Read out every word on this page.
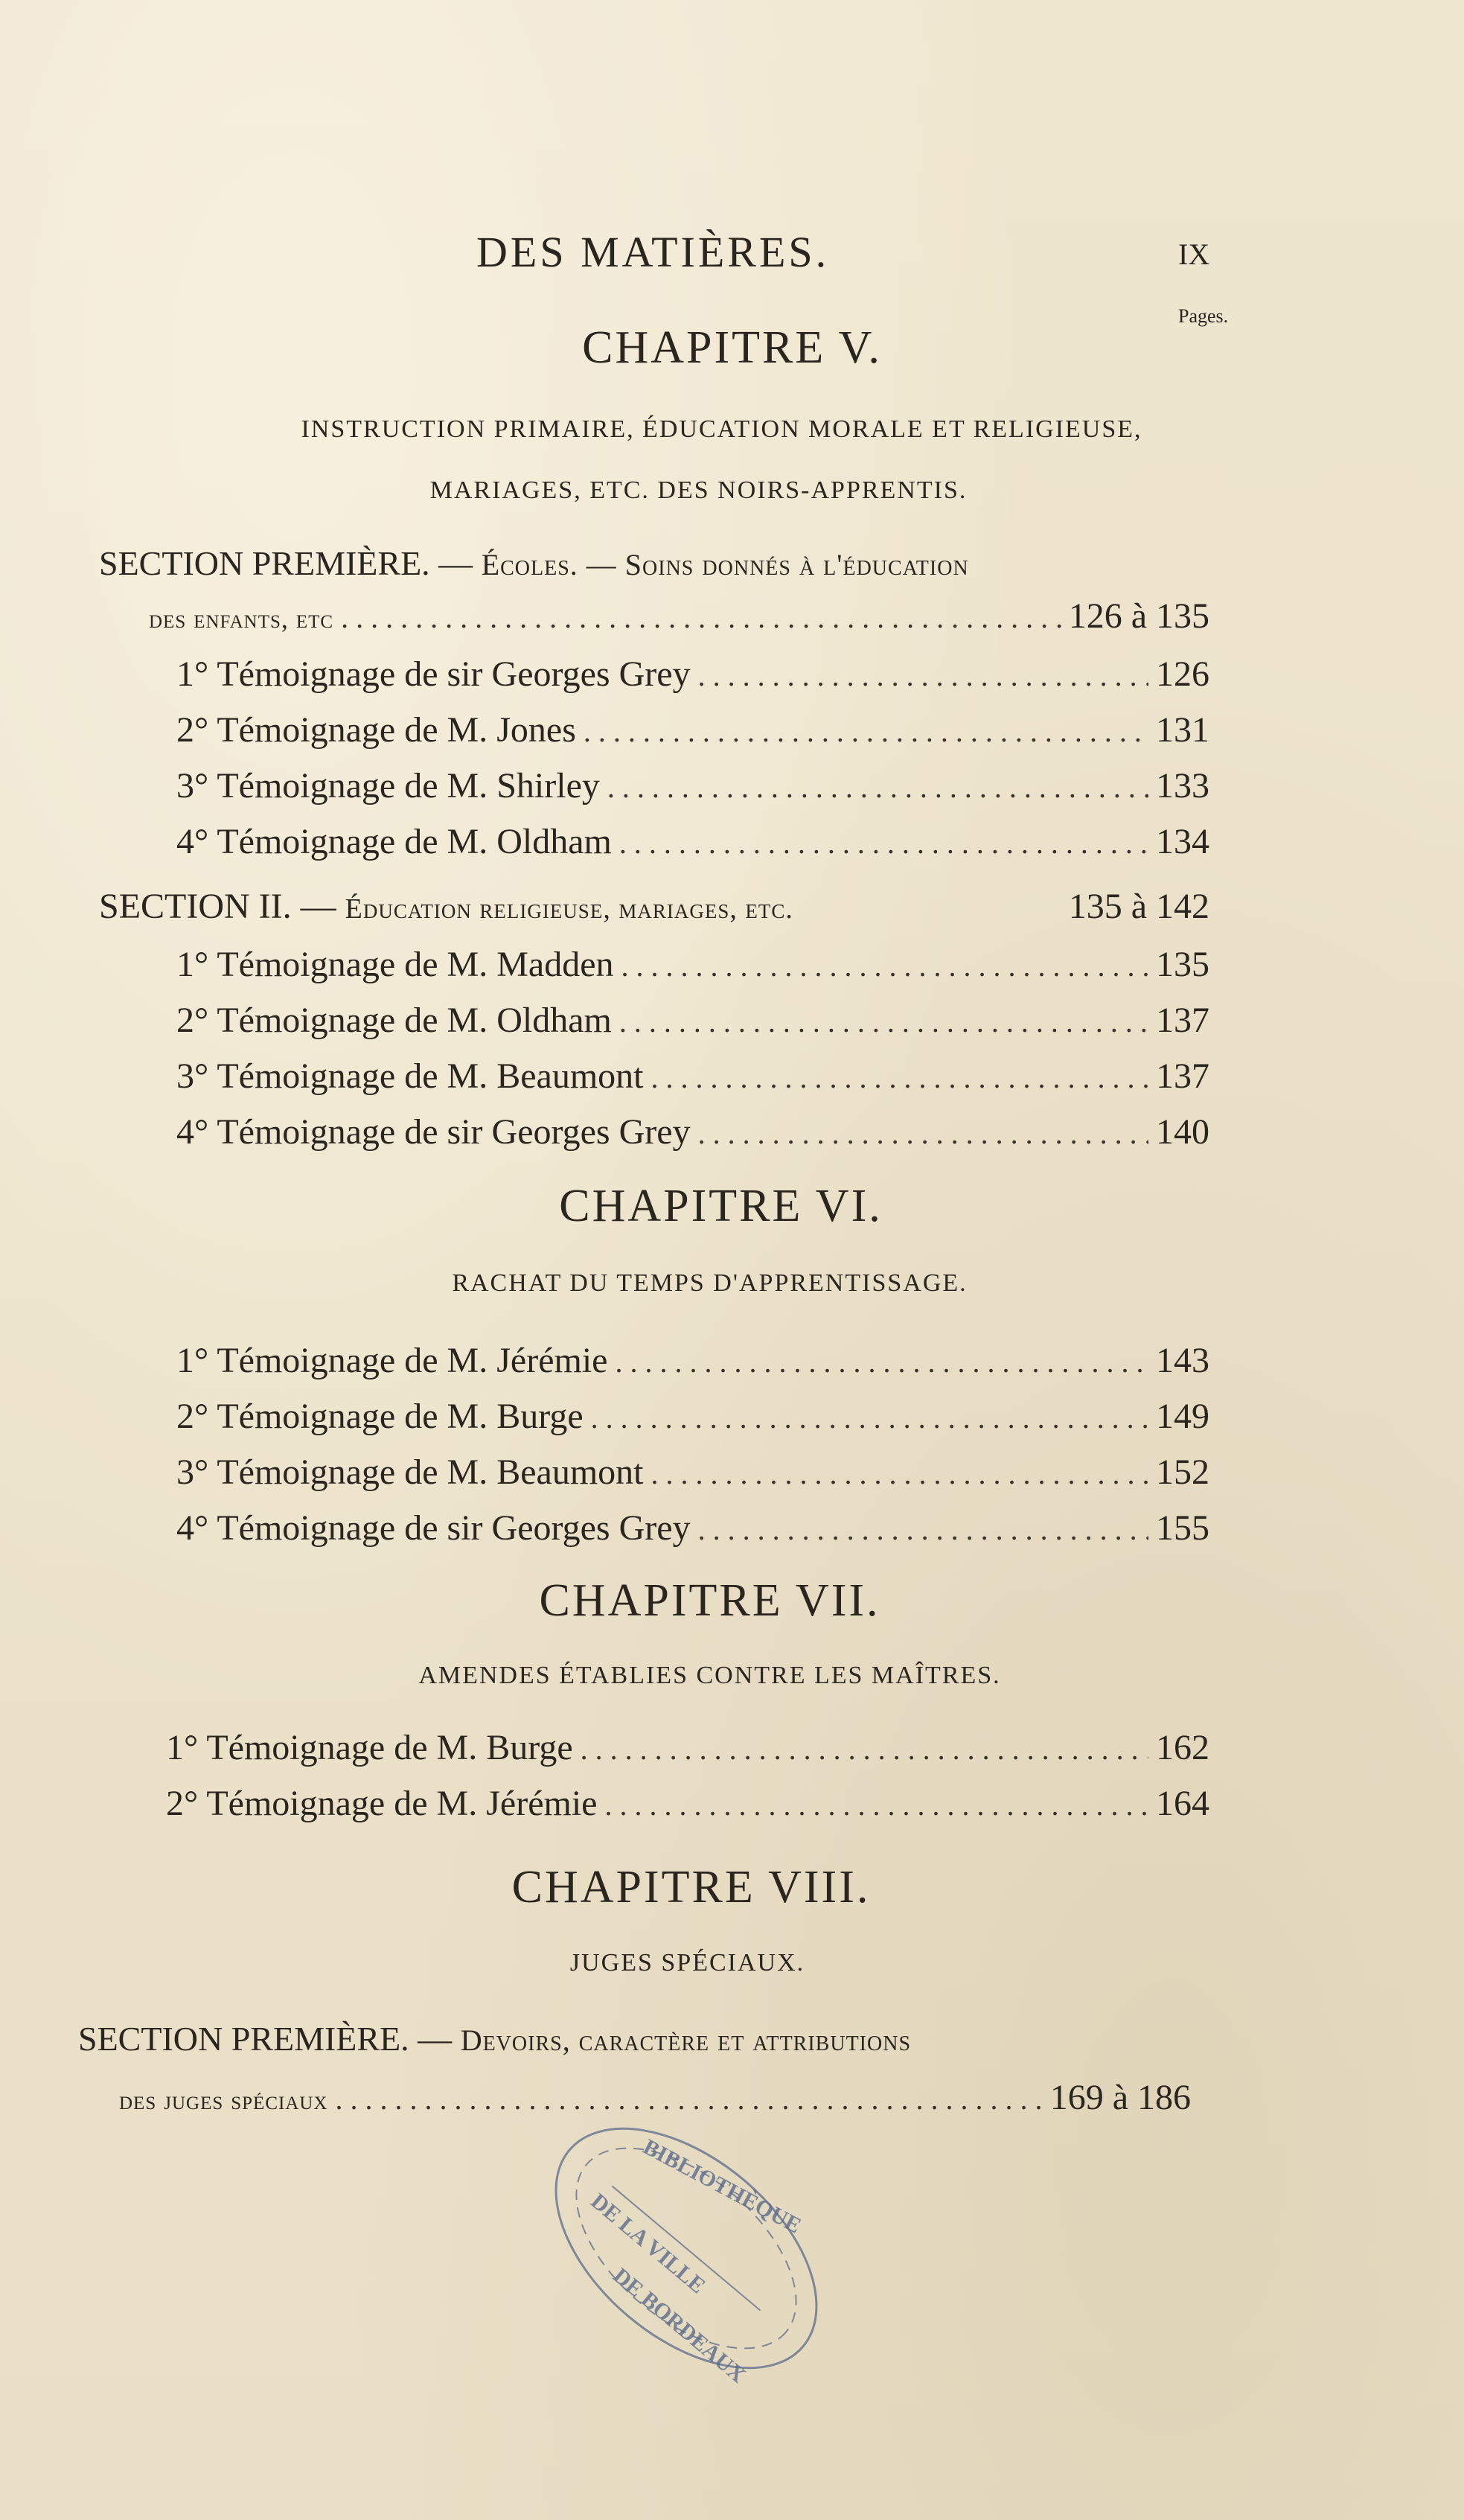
DES MATIÈRES.	IX
Pages.
CHAPITRE V.
INSTRUCTION PRIMAIRE, ÉDUCATION MORALE ET RELIGIEUSE,
MARIAGES, ETC. DES NOIRS-APPRENTIS.
SECTION PREMIÈRE. — Écoles. — Soins donnés à l'éducation
des enfants, etc . . .	126 à 135
1° Témoignage de sir Georges Grey . . .	126
2° Témoignage de M. Jones . . .	131
3° Témoignage de M. Shirley . . .	133
4° Témoignage de M. Oldham . . .	134
SECTION II. — Éducation religieuse, mariages, etc.	135 à 142
1° Témoignage de M. Madden . . .	135
2° Témoignage de M. Oldham . . .	137
3° Témoignage de M. Beaumont . . .	137
4° Témoignage de sir Georges Grey . . .	140
CHAPITRE VI.
RACHAT DU TEMPS D'APPRENTISSAGE.
1° Témoignage de M. Jérémie . . .	143
2° Témoignage de M. Burge . . .	149
3° Témoignage de M. Beaumont . . .	152
4° Témoignage de sir Georges Grey . . .	155
CHAPITRE VII.
AMENDES ÉTABLIES CONTRE LES MAÎTRES.
1° Témoignage de M. Burge . . .	162
2° Témoignage de M. Jérémie . . .	164
CHAPITRE VIII.
JUGES SPÉCIAUX.
SECTION PREMIÈRE. — Devoirs, caractère et attributions
des juges spéciaux . . .	169 à 186
BIBLIOTHÈQUE
DE LA VILLE
DE BORDEAUX
